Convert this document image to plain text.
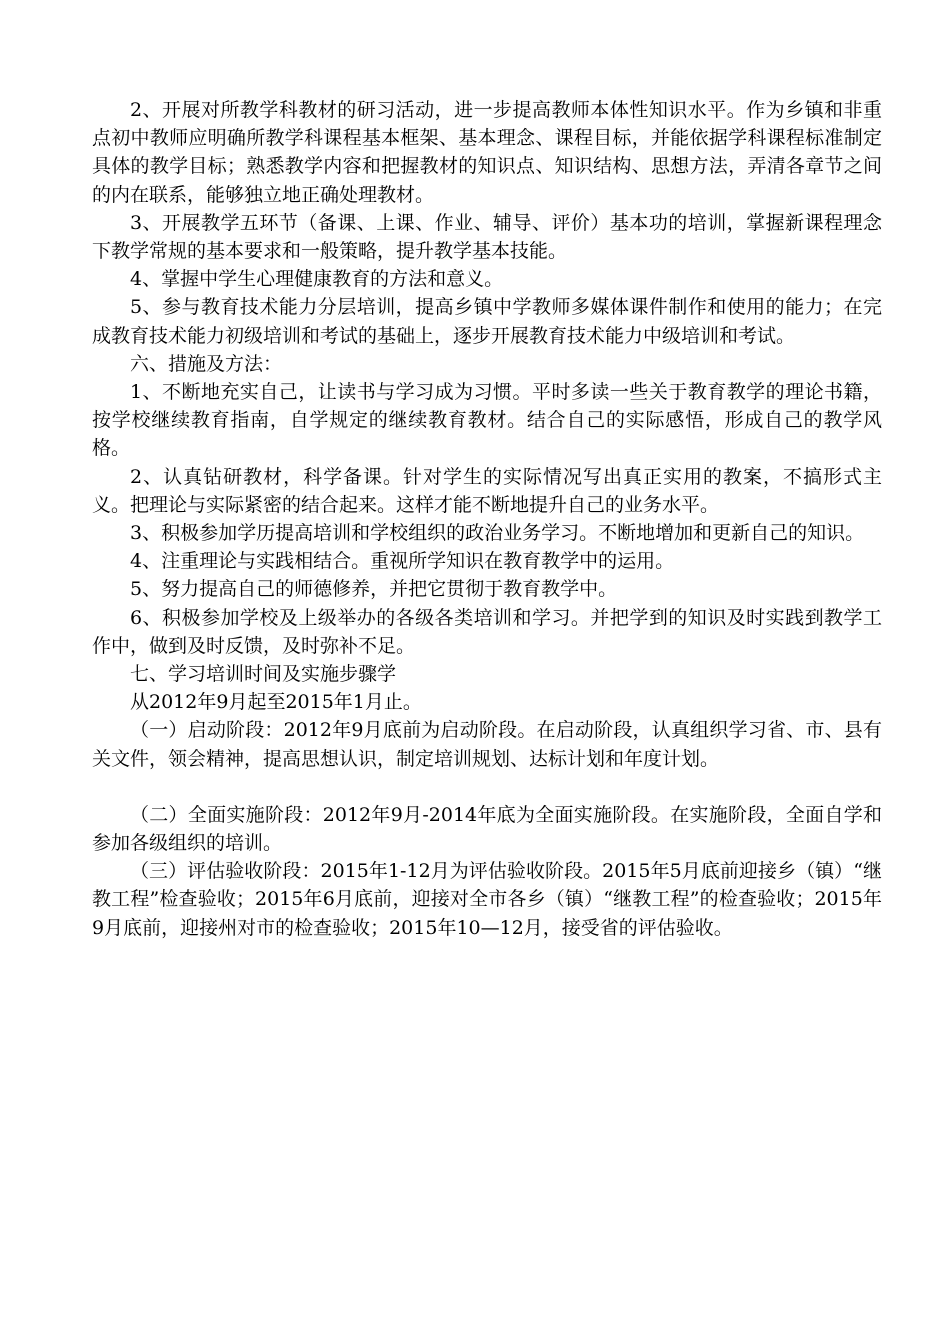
2、开展对所教学科教材的研习活动，进一步提高教师本体性知识水平。作为乡镇和非重点初中教师应明确所教学科课程基本框架、基本理念、课程目标，并能依据学科课程标准制定具体的教学目标；熟悉教学内容和把握教材的知识点、知识结构、思想方法，弄清各章节之间的内在联系，能够独立地正确处理教材。

3、开展教学五环节（备课、上课、作业、辅导、评价）基本功的培训，掌握新课程理念下教学常规的基本要求和一般策略，提升教学基本技能。

4、掌握中学生心理健康教育的方法和意义。

5、参与教育技术能力分层培训，提高乡镇中学教师多媒体课件制作和使用的能力；在完成教育技术能力初级培训和考试的基础上，逐步开展教育技术能力中级培训和考试。

六、措施及方法：

1、不断地充实自己，让读书与学习成为习惯。平时多读一些关于教育教学的理论书籍，按学校继续教育指南，自学规定的继续教育教材。结合自己的实际感悟，形成自己的教学风格。

2、认真钻研教材，科学备课。针对学生的实际情况写出真正实用的教案，不搞形式主义。把理论与实际紧密的结合起来。这样才能不断地提升自己的业务水平。

3、积极参加学历提高培训和学校组织的政治业务学习。不断地增加和更新自己的知识。

4、注重理论与实践相结合。重视所学知识在教育教学中的运用。

5、努力提高自己的师德修养，并把它贯彻于教育教学中。

6、积极参加学校及上级举办的各级各类培训和学习。并把学到的知识及时实践到教学工作中，做到及时反馈，及时弥补不足。

七、学习培训时间及实施步骤学

从2012年9月起至2015年1月止。

（一）启动阶段：2012年9月底前为启动阶段。在启动阶段，认真组织学习省、市、县有关文件，领会精神，提高思想认识，制定培训规划、达标计划和年度计划。

（二）全面实施阶段：2012年9月-2014年底为全面实施阶段。在实施阶段，全面自学和参加各级组织的培训。

（三）评估验收阶段：2015年1-12月为评估验收阶段。2015年5月底前迎接乡（镇）“继教工程”检查验收；2015年6月底前，迎接对全市各乡（镇）“继教工程”的检查验收；2015年9月底前，迎接州对市的检查验收；2015年10—12月，接受省的评估验收。
